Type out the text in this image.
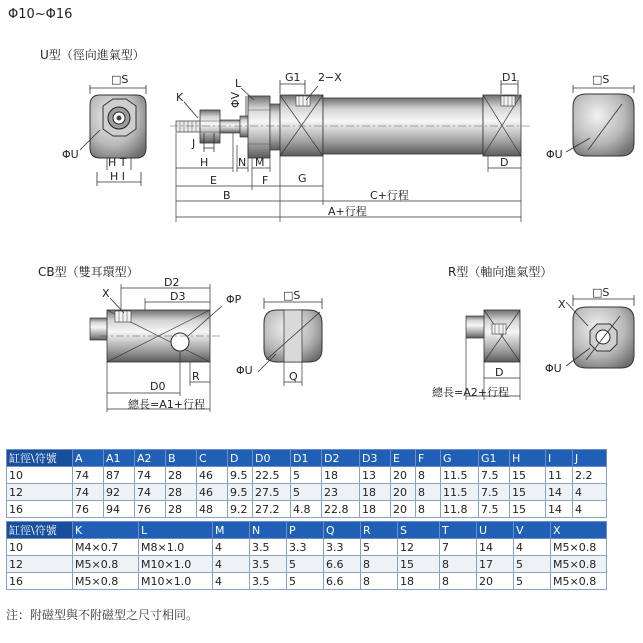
Φ10~Φ16
U型（徑向進氣型）
CB型（雙耳環型）	R型（軸向進氣型）
□S
ΦU
H T
H I
G1 2−X	D1
L
ΦV
K
J
H	N M
E	F	G
B	C+行程
A+行程
D
□S
ΦU
X
D2
D3	ΦP
R
D0
總長=A1+行程
□S
ΦU	Q	D
總長=A2+行程
□S
X
ΦU
缸徑\符號	A	A1	A2	B	C	D	D0	D1	D2	D3	E	F	G	G1	H	I	J
10	74	87	74	28	46	9.5	22.5	5	18	13	20	8	11.5	7.5	15	11	2.2
12	74	92	74	28	46	9.5	27.5	5	23	18	20	8	11.5	7.5	15	14	4
16	76	94	76	28	48	9.2	27.2	4.8	22.8	18	20	8	11.8	7.5	15	14	4
缸徑\符號	K	L	M	N	P	Q	R	S	T	U	V	X
10	M4×0.7	M8×1.0	4	3.5	3.3	3.3	5	12	7	14	4	M5×0.8
12	M5×0.8	M10×1.0	4	3.5	5	6.6	8	15	8	17	5	M5×0.8
16	M5×0.8	M10×1.0	4	3.5	5	6.6	8	18	8	20	5	M5×0.8
注：附磁型與不附磁型之尺寸相同。
